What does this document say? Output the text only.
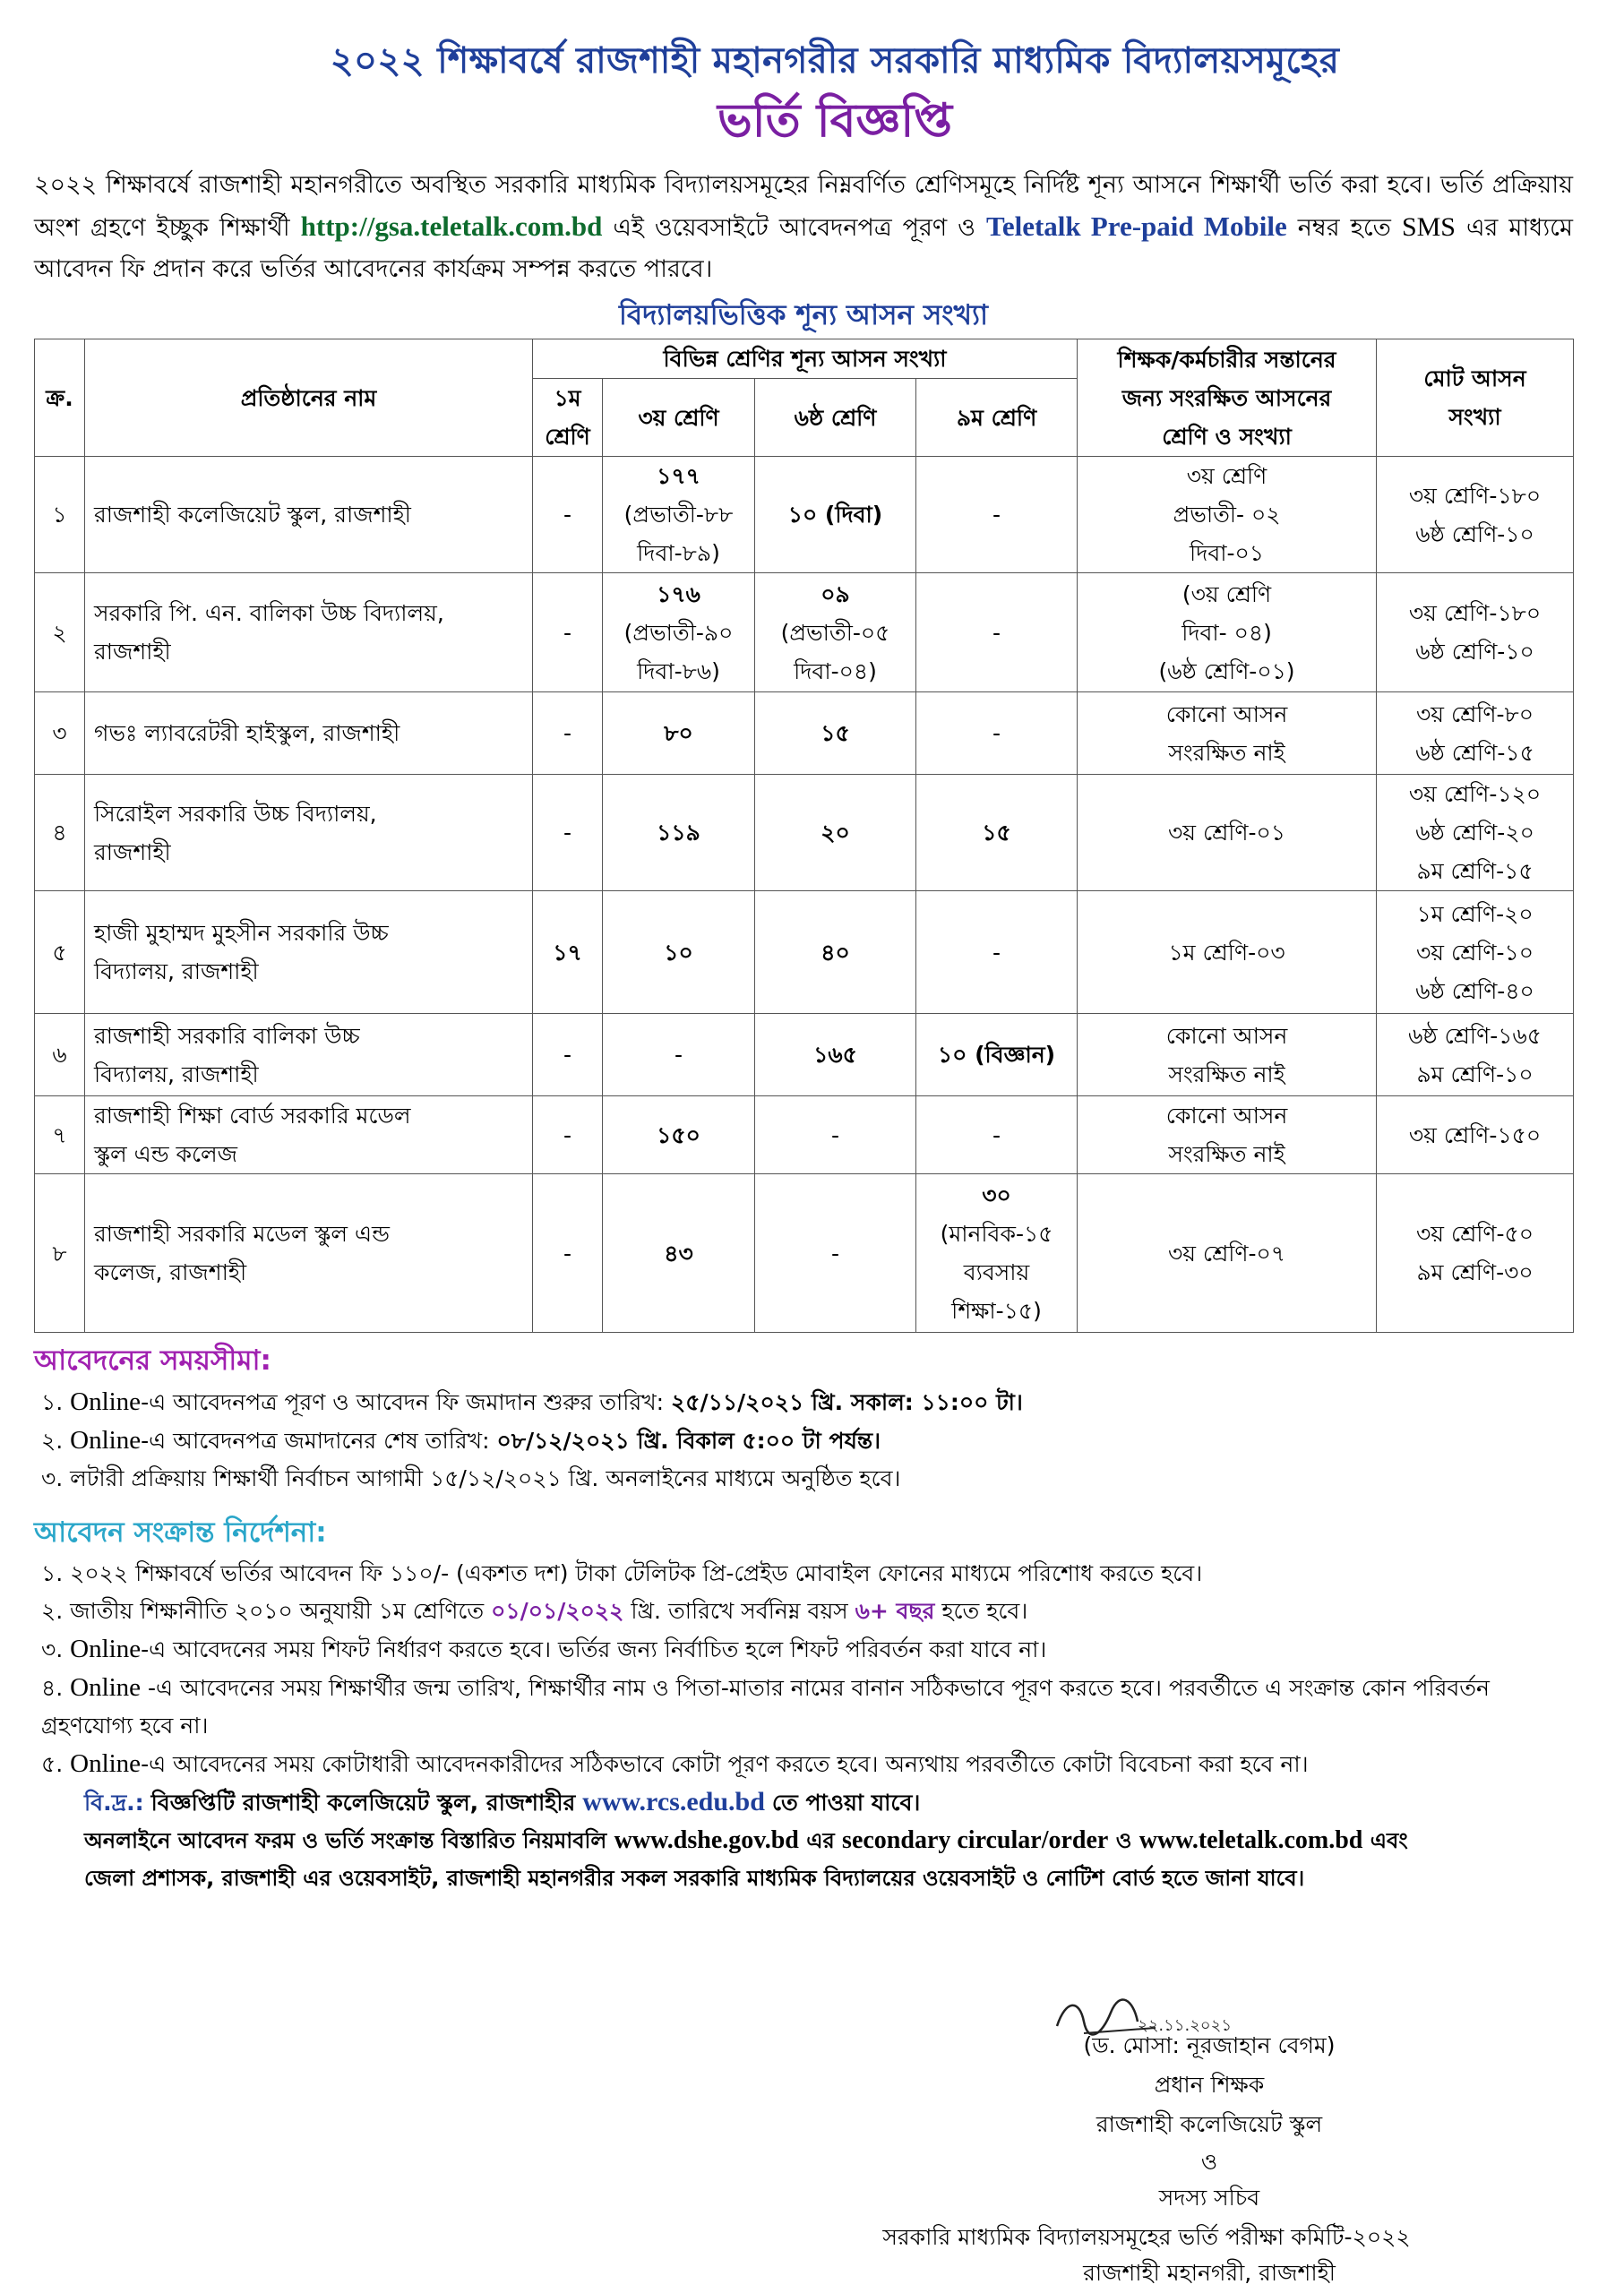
২০২২ শিক্ষাবর্ষে রাজশাহী মহানগরীর সরকারি মাধ্যমিক বিদ্যালয়সমূহের
ভর্তি বিজ্ঞপ্তি
২০২২ শিক্ষাবর্ষে রাজশাহী মহানগরীতে অবস্থিত সরকারি মাধ্যমিক বিদ্যালয়সমূহের নিম্নবর্ণিত শ্রেণিসমূহে নির্দিষ্ট শূন্য আসনে শিক্ষার্থী ভর্তি করা হবে। ভর্তি প্রক্রিয়ায় অংশ গ্রহণে ইচ্ছুক শিক্ষার্থী http://gsa.teletalk.com.bd এই ওয়েবসাইটে আবেদনপত্র পূরণ ও Teletalk Pre-paid Mobile নম্বর হতে SMS এর মাধ্যমে আবেদন ফি প্রদান করে ভর্তির আবেদনের কার্যক্রম সম্পন্ন করতে পারবে।
বিদ্যালয়ভিত্তিক শূন্য আসন সংখ্যা
ক্র.	প্রতিষ্ঠানের নাম	বিভিন্ন শ্রেণির শূন্য আসন সংখ্যা				শিক্ষক/কর্মচারীর সন্তানের
জন্য সংরক্ষিত আসনের
শ্রেণি ও সংখ্যা	মোট আসন
সংখ্যা

		১ম
শ্রেণি	৩য় শ্রেণি	৬ষ্ঠ শ্রেণি	৯ম শ্রেণি		
১	রাজশাহী কলেজিয়েট স্কুল, রাজশাহী	-	১৭৭
(প্রভাতী-৮৮
দিবা-৮৯)	১০ (দিবা)	-	৩য় শ্রেণি
প্রভাতী- ০২
দিবা-০১	৩য় শ্রেণি-১৮০
৬ষ্ঠ শ্রেণি-১০

২	সরকারি পি. এন. বালিকা উচ্চ বিদ্যালয়,
রাজশাহী	-	১৭৬
(প্রভাতী-৯০
দিবা-৮৬)	০৯
(প্রভাতী-০৫
দিবা-০৪)	-	(৩য় শ্রেণি
দিবা- ০৪)
(৬ষ্ঠ শ্রেণি-০১)	৩য় শ্রেণি-১৮০
৬ষ্ঠ শ্রেণি-১০

৩	গভঃ ল্যাবরেটরী হাইস্কুল, রাজশাহী	-	৮০	১৫	-	কোনো আসন
সংরক্ষিত নাই	৩য় শ্রেণি-৮০
৬ষ্ঠ শ্রেণি-১৫

৪	সিরোইল সরকারি উচ্চ বিদ্যালয়,
রাজশাহী	-	১১৯	২০	১৫	৩য় শ্রেণি-০১	৩য় শ্রেণি-১২০
৬ষ্ঠ শ্রেণি-২০
৯ম শ্রেণি-১৫

৫	হাজী মুহাম্মদ মুহসীন সরকারি উচ্চ
বিদ্যালয়, রাজশাহী	১৭	১০	৪০	-	১ম শ্রেণি-০৩	১ম শ্রেণি-২০
৩য় শ্রেণি-১০
৬ষ্ঠ শ্রেণি-৪০

৬	রাজশাহী সরকারি বালিকা উচ্চ
বিদ্যালয়, রাজশাহী	-	-	১৬৫	১০ (বিজ্ঞান)	কোনো আসন
সংরক্ষিত নাই	৬ষ্ঠ শ্রেণি-১৬৫
৯ম শ্রেণি-১০

৭	রাজশাহী শিক্ষা বোর্ড সরকারি মডেল
স্কুল এন্ড কলেজ	-	১৫০	-	-	কোনো আসন
সংরক্ষিত নাই	৩য় শ্রেণি-১৫০

৮	রাজশাহী সরকারি মডেল স্কুল এন্ড
কলেজ, রাজশাহী	-	৪৩	-	৩০
(মানবিক-১৫
ব্যবসায়
শিক্ষা-১৫)	৩য় শ্রেণি-০৭	৩য় শ্রেণি-৫০
৯ম শ্রেণি-৩০
আবেদনের সময়সীমা:
১. Online-এ আবেদনপত্র পূরণ ও আবেদন ফি জমাদান শুরুর তারিখ: ২৫/১১/২০২১ খ্রি. সকাল: ১১:০০ টা।
২. Online-এ আবেদনপত্র জমাদানের শেষ তারিখ: ০৮/১২/২০২১ খ্রি. বিকাল ৫:০০ টা পর্যন্ত।
৩. লটারী প্রক্রিয়ায় শিক্ষার্থী নির্বাচন আগামী ১৫/১২/২০২১ খ্রি. অনলাইনের মাধ্যমে অনুষ্ঠিত হবে।
আবেদন সংক্রান্ত নির্দেশনা:
১. ২০২২ শিক্ষাবর্ষে ভর্তির আবেদন ফি ১১০/- (একশত দশ) টাকা টেলিটক প্রি-প্রেইড মোবাইল ফোনের মাধ্যমে পরিশোধ করতে হবে।
২. জাতীয় শিক্ষানীতি ২০১০ অনুযায়ী ১ম শ্রেণিতে ০১/০১/২০২২ খ্রি. তারিখে সর্বনিম্ন বয়স ৬+ বছর হতে হবে।
৩. Online-এ আবেদনের সময় শিফট নির্ধারণ করতে হবে। ভর্তির জন্য নির্বাচিত হলে শিফট পরিবর্তন করা যাবে না।
৪. Online -এ আবেদনের সময় শিক্ষার্থীর জন্ম তারিখ, শিক্ষার্থীর নাম ও পিতা-মাতার নামের বানান সঠিকভাবে পূরণ করতে হবে। পরবর্তীতে এ সংক্রান্ত কোন পরিবর্তন গ্রহণযোগ্য হবে না।
৫. Online-এ আবেদনের সময় কোটাধারী আবেদনকারীদের সঠিকভাবে কোটা পূরণ করতে হবে। অন্যথায় পরবর্তীতে কোটা বিবেচনা করা হবে না।
বি.দ্র.: বিজ্ঞপ্তিটি রাজশাহী কলেজিয়েট স্কুল, রাজশাহীর www.rcs.edu.bd তে পাওয়া যাবে।
অনলাইনে আবেদন ফরম ও ভর্তি সংক্রান্ত বিস্তারিত নিয়মাবলি www.dshe.gov.bd এর secondary circular/order ও www.teletalk.com.bd এবং
জেলা প্রশাসক, রাজশাহী এর ওয়েবসাইট, রাজশাহী মহানগরীর সকল সরকারি মাধ্যমিক বিদ্যালয়ের ওয়েবসাইট ও নোটিশ বোর্ড হতে জানা যাবে।
২২.১১.২০২১
(ড. মোসা: নূরজাহান বেগম)
প্রধান শিক্ষক
রাজশাহী কলেজিয়েট স্কুল
ও
সদস্য সচিব
সরকারি মাধ্যমিক বিদ্যালয়সমূহের ভর্তি পরীক্ষা কমিটি-২০২২
রাজশাহী মহানগরী, রাজশাহী
